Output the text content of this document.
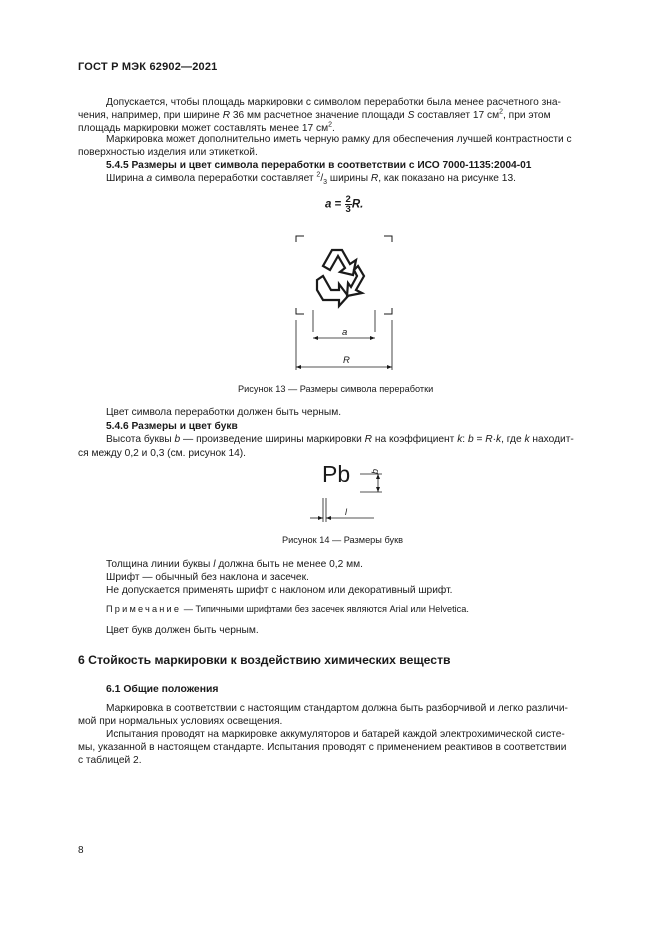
ГОСТ Р МЭК 62902—2021
Допускается, чтобы площадь маркировки с символом переработки была менее расчетного зна-
чения, например, при ширине R 36 мм расчетное значение площади S составляет 17 $см^2$, при этом
площадь маркировки может составлять менее 17 $см^2$.
Маркировка может дополнительно иметь черную рамку для обеспечения лучшей контрастности с
поверхностью изделия или этикеткой.
5.4.5 Размеры и цвет символа переработки в соответствии с ИСО 7000-1135:2004-01
Ширина a символа переработки составляет $^2/_3$ ширины R, как показано на рисунке 13.
$a = \frac{2}{3} R$.
a
R
Рисунок 13 — Размеры символа переработки
Цвет символа переработки должен быть черным.
5.4.6 Размеры и цвет букв
Высота буквы b — произведение ширины маркировки R на коэффициент k: b = R·k, где k находит-
ся между 0,2 и 0,3 (см. рисунок 14).
Pb b
l
Рисунок 14 — Размеры букв
Толщина линии буквы l должна быть не менее 0,2 мм.
Шрифт — обычный без наклона и засечек.
Не допускается применять шрифт с наклоном или декоративный шрифт.
Примечание — Типичными шрифтами без засечек являются Arial или Helvetica.
Цвет букв должен быть черным.
6 Стойкость маркировки к воздействию химических веществ
6.1 Общие положения
Маркировка в соответствии с настоящим стандартом должна быть разборчивой и легко различи-
мой при нормальных условиях освещения.
Испытания проводят на маркировке аккумуляторов и батарей каждой электрохимической систе-
мы, указанной в настоящем стандарте. Испытания проводят с применением реактивов в соответствии
с таблицей 2.
8
